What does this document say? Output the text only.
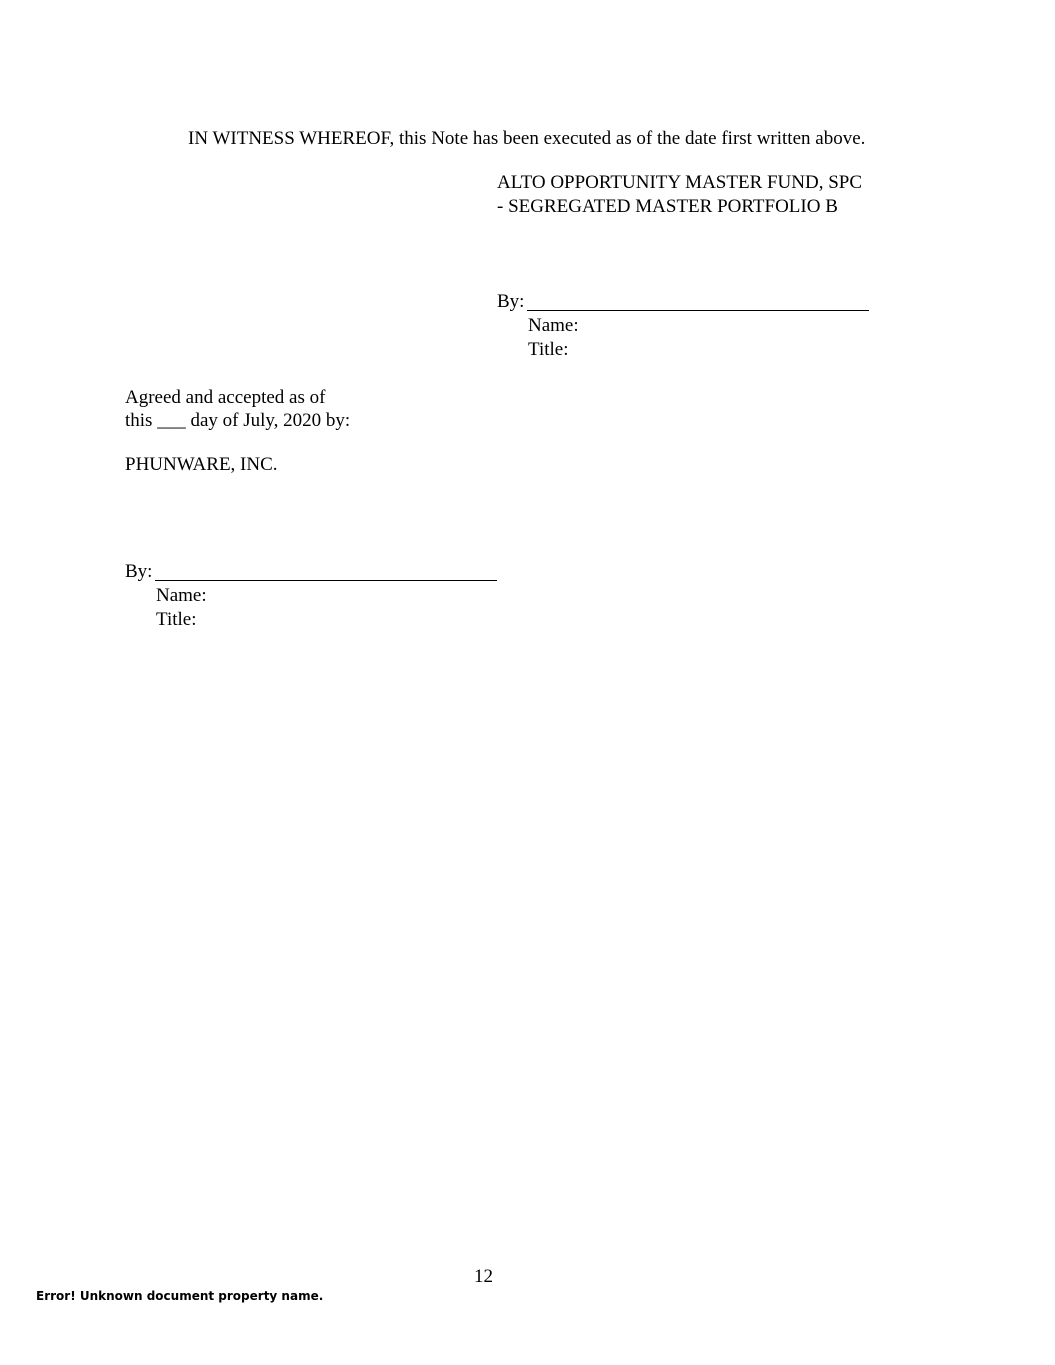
IN WITNESS WHEREOF, this Note has been executed as of the date first written above.
ALTO OPPORTUNITY MASTER FUND, SPC
- SEGREGATED MASTER PORTFOLIO B
By:
Name:
Title:
Agreed and accepted as of
this ___ day of July, 2020 by:
PHUNWARE, INC.
By:
Name:
Title:
12
Error! Unknown document property name.
